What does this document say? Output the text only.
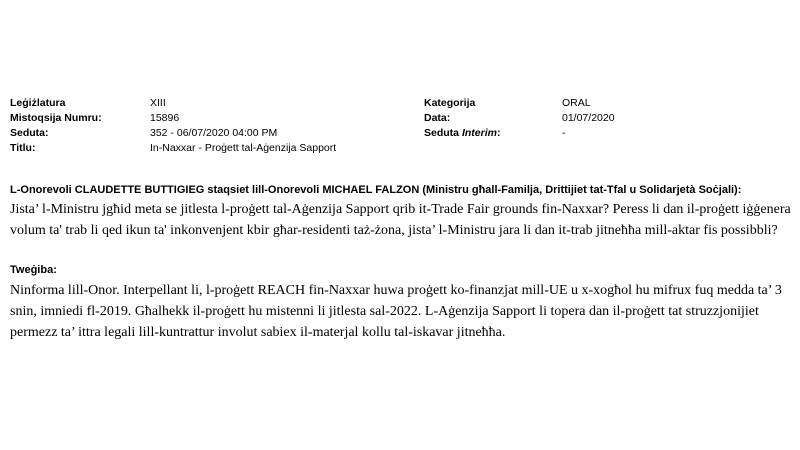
Leġiżlatura
Mistoqsija Numru:
Seduta:
Titlu:
XIII
15896
352 - 06/07/2020 04:00 PM
In-Naxxar - Proġett tal-Aġenzija Sapport
Kategorija
Data:
Seduta Interim:
ORAL
01/07/2020
-
L-Onorevoli CLAUDETTE BUTTIGIEG staqsiet lill-Onorevoli MICHAEL FALZON (Ministru għall-Familja, Drittijiet tat-Tfal u Solidarjetà Soċjali):
Jista’ l-Ministru jgħid meta se jitlesta l-proġett tal-Aġenzija Sapport qrib it-Trade Fair grounds fin-Naxxar? Peress li dan il-proġett iġġenera volum ta' trab li qed ikun ta' inkonvenjent kbir għar-residenti taż-żona, jista’ l-Ministru jara li dan it-trab jitneħħa mill-aktar fis possibbli?
Tweġiba:
Ninforma lill-Onor. Interpellant li, l-proġett REACH fin-Naxxar huwa proġett ko-finanzjat mill-UE u x-xogħol hu mifrux fuq medda ta’ 3 snin, imniedi fl-2019. Għalhekk il-proġett hu mistenni li jitlesta sal-2022. L-Aġenzija Sapport li topera dan il-proġett tat struzzjonijiet permezz ta’ ittra legali lill-kuntrattur involut sabiex il-materjal kollu tal-iskavar jitneħħa.
